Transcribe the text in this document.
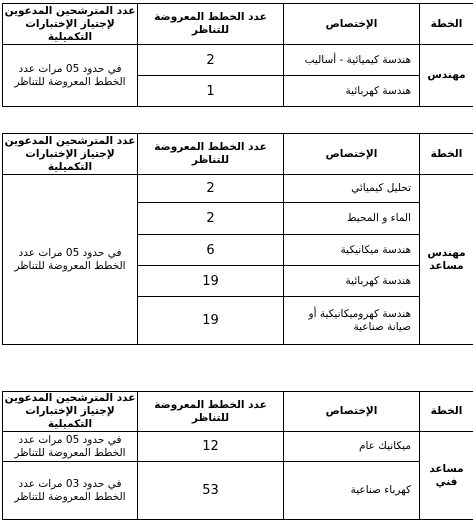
الخطة	الإختصاص	عدد الخطط المعروضة للتناظر	عدد المترشحين المدعوين لإجتياز الإختبارات التكميلية
مهندس	هندسة كيميائية - أساليب	2	في حدود 05 مرات عدد الخطط المعروضة للتناظر
	هندسة كهربائية	1	
الخطة	الإختصاص	عدد الخطط المعروضة للتناظر	عدد المترشحين المدعوين لإجتياز الإختبارات التكميلية
مهندس مساعد	تحليل كيميائي	2	في حدود 05 مرات عدد الخطط المعروضة للتناظر
	الماء و المحيط	2	
	هندسة ميكانيكية	6	
	هندسة كهربائية	19	
	هندسة كهروميكانيكية أو صيانة صناعية	19	
الخطة	الإختصاص	عدد الخطط المعروضة للتناظر	عدد المترشحين المدعوين لإجتياز الإختبارات التكميلية
مساعد فني	ميكانيك عام	12	في حدود 05 مرات عدد الخطط المعروضة للتناظر
	كهرباء صناعية	53	في حدود 03 مرات عدد الخطط المعروضة للتناظر
